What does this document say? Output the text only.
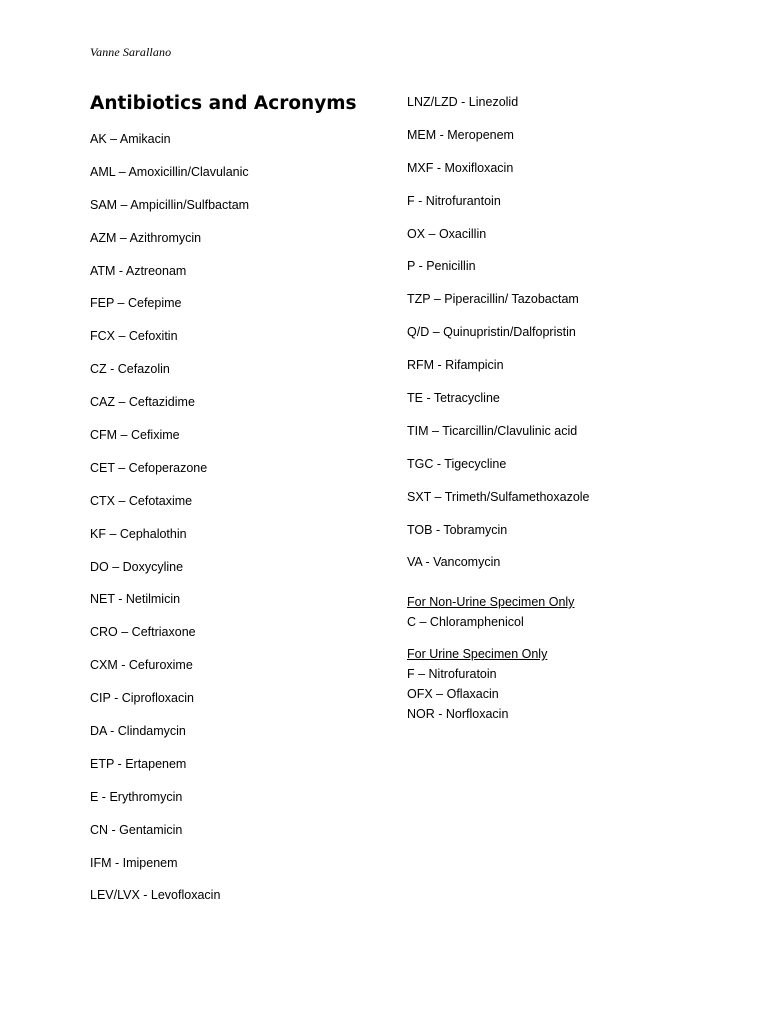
Vanne Sarallano
Antibiotics and Acronyms
AK – Amikacin
AML – Amoxicillin/Clavulanic
SAM – Ampicillin/Sulfbactam
AZM – Azithromycin
ATM - Aztreonam
FEP – Cefepime
FCX – Cefoxitin
CZ - Cefazolin
CAZ – Ceftazidime
CFM – Cefixime
CET – Cefoperazone
CTX – Cefotaxime
KF – Cephalothin
DO – Doxycyline
NET - Netilmicin
CRO – Ceftriaxone
CXM - Cefuroxime
CIP - Ciprofloxacin
DA - Clindamycin
ETP - Ertapenem
E - Erythromycin
CN - Gentamicin
IFM - Imipenem
LEV/LVX - Levofloxacin
LNZ/LZD - Linezolid
MEM - Meropenem
MXF - Moxifloxacin
F - Nitrofurantoin
OX – Oxacillin
P - Penicillin
TZP – Piperacillin/ Tazobactam
Q/D – Quinupristin/Dalfopristin
RFM - Rifampicin
TE - Tetracycline
TIM – Ticarcillin/Clavulinic acid
TGC - Tigecycline
SXT – Trimeth/Sulfamethoxazole
TOB - Tobramycin
VA - Vancomycin
For Non-Urine Specimen Only
C – Chloramphenicol
For Urine Specimen Only
F – Nitrofuratoin
OFX – Oflaxacin
NOR - Norfloxacin
